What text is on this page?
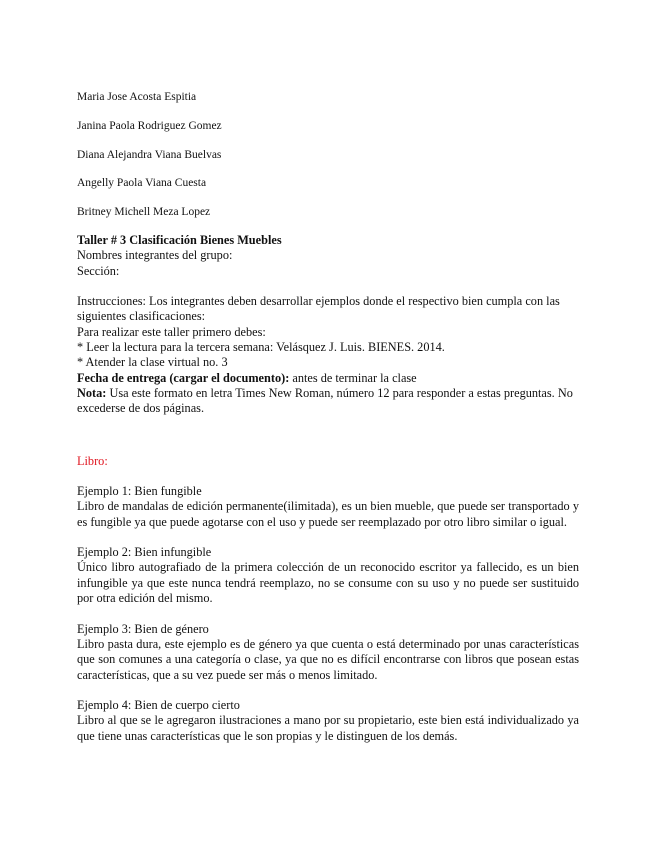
Maria Jose Acosta Espitia
Janina Paola Rodriguez Gomez
Diana Alejandra Viana Buelvas
Angelly Paola Viana Cuesta
Britney Michell Meza Lopez

Taller # 3 Clasificación Bienes Muebles

Nombres integrantes del grupo:

Sección:

Instrucciones: Los integrantes deben desarrollar ejemplos donde el respectivo bien cumpla con las siguientes clasificaciones:

Para realizar este taller primero debes:

* Leer la lectura para la tercera semana: Velásquez J. Luis. BIENES. 2014.

* Atender la clase virtual no. 3

Fecha de entrega (cargar el documento): antes de terminar la clase

Nota: Usa este formato en letra Times New Roman, número 12 para responder a estas preguntas. No excederse de dos páginas.

Libro:

Ejemplo 1: Bien fungible

Libro de mandalas de edición permanente(ilimitada), es un bien mueble, que puede ser transportado y es fungible ya que puede agotarse con el uso y puede ser reemplazado por otro libro similar o igual.

Ejemplo 2: Bien infungible

Único libro autografiado de la primera colección de un reconocido escritor ya fallecido, es un bien infungible ya que este nunca tendrá reemplazo, no se consume con su uso y no puede ser sustituido por otra edición del mismo.

Ejemplo 3: Bien de género

Libro pasta dura, este ejemplo es de género ya que cuenta o está determinado por unas características que son comunes a una categoría o clase, ya que no es difícil encontrarse con libros que posean estas características, que a su vez puede ser más o menos limitado.

Ejemplo 4: Bien de cuerpo cierto

Libro al que se le agregaron ilustraciones a mano por su propietario, este bien está individualizado ya que tiene unas características que le son propias y le distinguen de los demás.
